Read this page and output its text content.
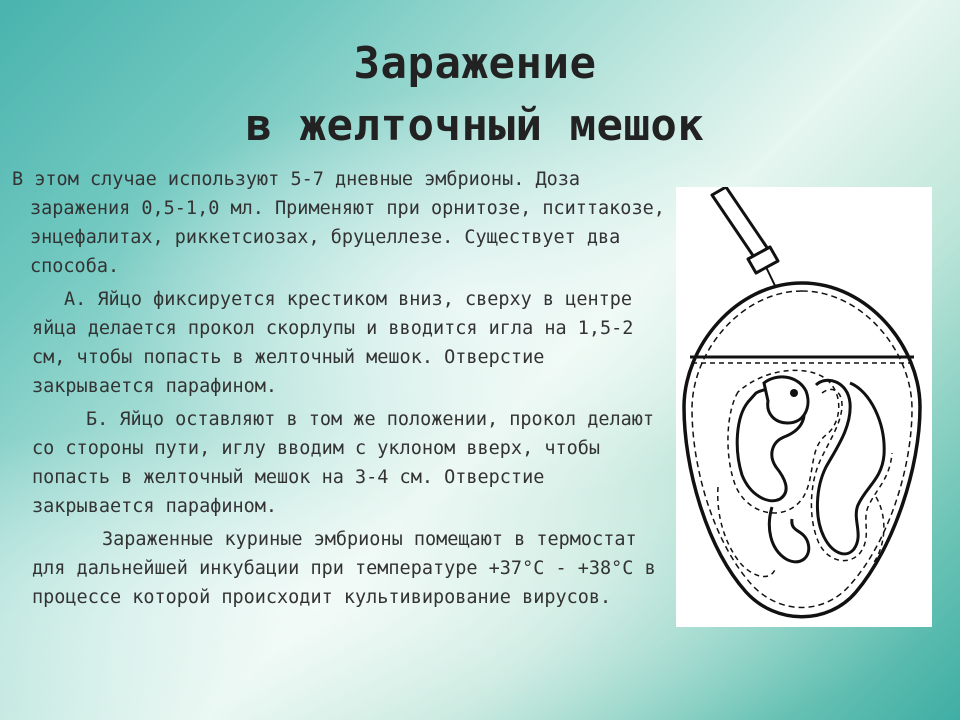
Заражение
в желточный мешок

В этом случае используют 5-7 дневные эмбрионы. Доза заражения 0,5-1,0 мл. Применяют при орнитозе, пситтакозе, энцефалитах, риккетсиозах, бруцеллезе. Существует два способа.

А. Яйцо фиксируется крестиком вниз, сверху в центре яйца делается прокол скорлупы и вводится игла на 1,5-2 см, чтобы попасть в желточный мешок. Отверстие закрывается парафином.

Б. Яйцо оставляют в том же положении, прокол делают со стороны пути, иглу вводим с уклоном вверх, чтобы попасть в желточный мешок на 3-4 см. Отверстие закрывается парафином.

Зараженные куриные эмбрионы помещают в термостат для дальнейшей инкубации при температуре +37°С - +38°С в процессе которой происходит культивирование вирусов.
